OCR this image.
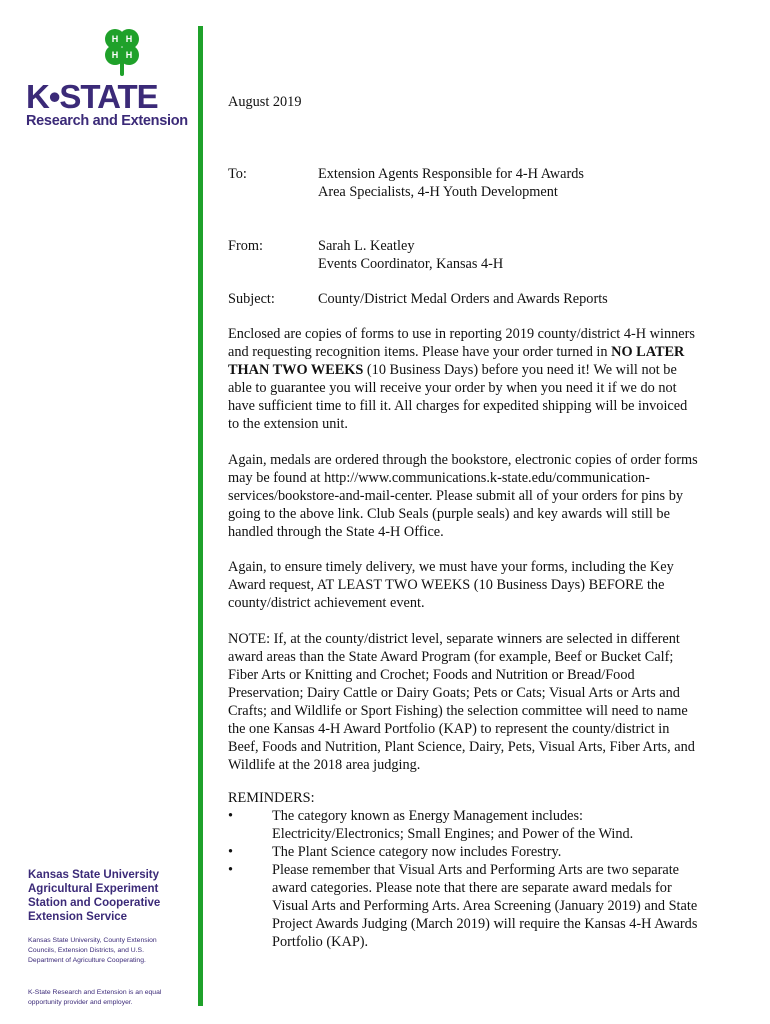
H H
H H
K•STATE
Research and Extension
Kansas State University
Agricultural Experiment
Station and Cooperative
Extension Service
Kansas State University, County Extension
Councils, Extension Districts, and U.S.
Department of Agriculture Cooperating.
K-State Research and Extension is an equal
opportunity provider and employer.
August 2019
To:	Extension Agents Responsible for 4-H Awards
Area Specialists, 4-H Youth Development
From:	Sarah L. Keatley
Events Coordinator, Kansas 4-H
Subject:	County/District Medal Orders and Awards Reports

Enclosed are copies of forms to use in reporting 2019 county/district 4-H winners and requesting recognition items. Please have your order turned in NO LATER THAN TWO WEEKS (10 Business Days) before you need it! We will not be able to guarantee you will receive your order by when you need it if we do not have sufficient time to fill it. All charges for expedited shipping will be invoiced to the extension unit.

Again, medals are ordered through the bookstore, electronic copies of order forms may be found at http://www.communications.k-state.edu/communication-services/bookstore-and-mail-center. Please submit all of your orders for pins by going to the above link. Club Seals (purple seals) and key awards will still be handled through the State 4-H Office.

Again, to ensure timely delivery, we must have your forms, including the Key Award request, AT LEAST TWO WEEKS (10 Business Days) BEFORE the county/district achievement event.

NOTE: If, at the county/district level, separate winners are selected in different award areas than the State Award Program (for example, Beef or Bucket Calf; Fiber Arts or Knitting and Crochet; Foods and Nutrition or Bread/Food Preservation; Dairy Cattle or Dairy Goats; Pets or Cats; Visual Arts or Arts and Crafts; and Wildlife or Sport Fishing) the selection committee will need to name the one Kansas 4-H Award Portfolio (KAP) to represent the county/district in Beef, Foods and Nutrition, Plant Science, Dairy, Pets, Visual Arts, Fiber Arts, and Wildlife at the 2018 area judging.

REMINDERS:
•	The category known as Energy Management includes: Electricity/Electronics; Small Engines; and Power of the Wind.
•	The Plant Science category now includes Forestry.
•	Please remember that Visual Arts and Performing Arts are two separate award categories. Please note that there are separate award medals for Visual Arts and Performing Arts. Area Screening (January 2019) and State Project Awards Judging (March 2019) will require the Kansas 4-H Awards Portfolio (KAP).
